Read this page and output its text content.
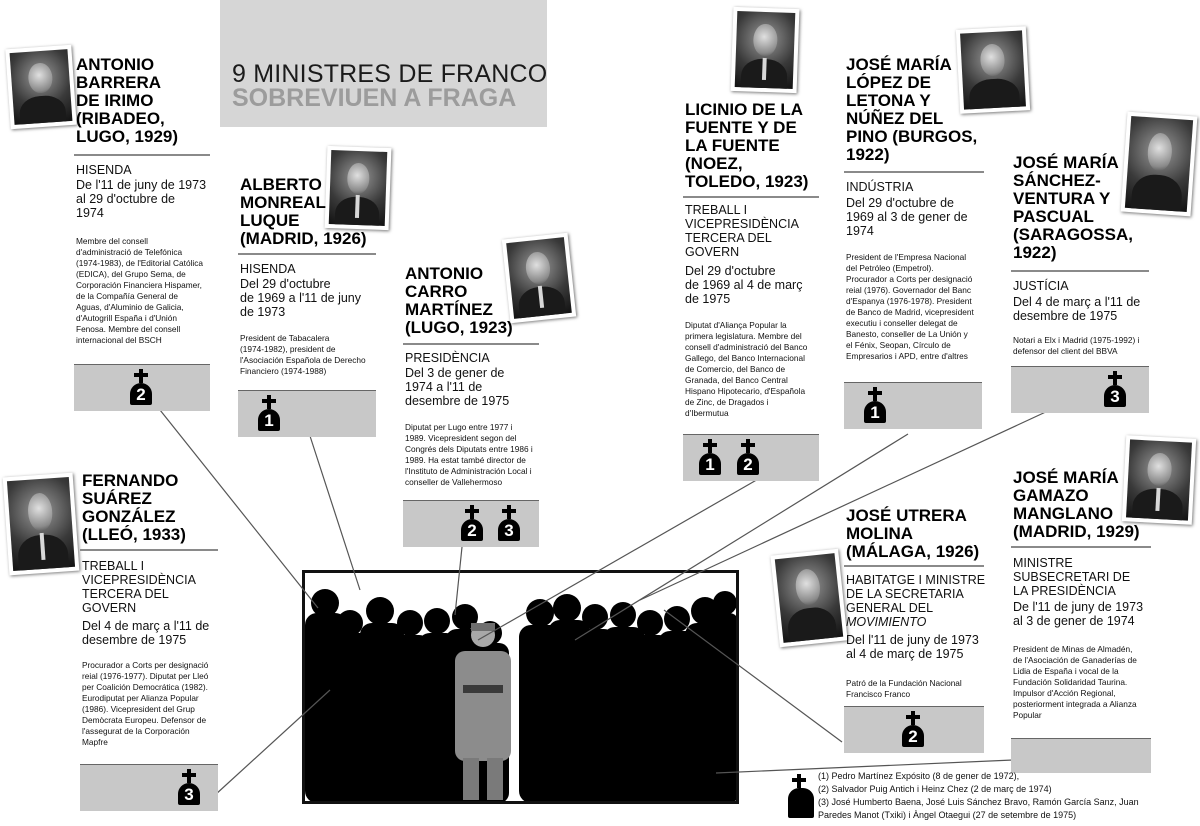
9 MINISTRES DE FRANCO
SOBREVIUEN A FRAGA
ANTONIO
BARRERA
DE IRIMO
(RIBADEO,
LUGO, 1929)
HISENDA
De l'11 de juny de 1973
al 29 d'octubre de
1974
Membre del consell
d'administració de Telefónica
(1974-1983), de l'Editorial Católica
(EDICA), del Grupo Sema, de
Corporación Financiera Hispamer,
de la Compañía General de
Aguas, d'Aluminio de Galicia,
d'Autogrill España i d'Unión
Fenosa. Membre del consell
internacional del BSCH
2
ALBERTO
MONREAL
LUQUE
(MADRID, 1926)
HISENDA
Del 29 d'octubre
de 1969 a l'11 de juny
de 1973
President de Tabacalera
(1974-1982), president de
l'Asociación Española de Derecho
Financiero (1974-1988)
1
ANTONIO
CARRO
MARTÍNEZ
(LUGO, 1923)
PRESIDÈNCIA
Del 3 de gener de
1974 a l'11 de
desembre de 1975
Diputat per Lugo entre 1977 i
1989. Vicepresident segon del
Congrés dels Diputats entre 1986 i
1989. Ha estat també director de
l'Instituto de Administración Local i
conseller de Vallehermoso
2	3
LICINIO DE LA
FUENTE Y DE
LA FUENTE
(NOEZ,
TOLEDO, 1923)
TREBALL I
VICEPRESIDÈNCIA
TERCERA DEL
GOVERN
Del 29 d'octubre
de 1969 al 4 de març
de 1975
Diputat d'Aliança Popular la
primera legislatura. Membre del
consell d'administració del Banco
Gallego, del Banco Internacional
de Comercio, del Banco de
Granada, del Banco Central
Hispano Hipotecario, d'Española
de Zinc, de Dragados i
d'Ibermutua
1	2
JOSÉ MARÍA
LÓPEZ DE
LETONA Y
NÚÑEZ DEL
PINO (BURGOS,
1922)
INDÚSTRIA
Del 29 d'octubre de
1969 al 3 de gener de
1974
President de l'Empresa Nacional
del Petróleo (Empetrol).
Procurador a Corts per designació
reial (1976). Governador del Banc
d'Espanya (1976-1978). President
de Banco de Madrid, vicepresident
executiu i conseller delegat de
Banesto, conseller de La Unión y
el Fénix, Seopan, Círculo de
Empresarios i APD, entre d'altres
1
JOSÉ MARÍA
SÁNCHEZ-
VENTURA Y
PASCUAL
(SARAGOSSA,
1922)
JUSTÍCIA
Del 4 de març a l'11 de
desembre de 1975
Notari a Elx i Madrid (1975-1992) i
defensor del client del BBVA
3
FERNANDO
SUÁREZ
GONZÁLEZ
(LLEÓ, 1933)
TREBALL I
VICEPRESIDÈNCIA
TERCERA DEL
GOVERN
Del 4 de març a l'11 de
desembre de 1975
Procurador a Corts per designació
reial (1976-1977). Diputat per Lleó
per Coalición Democrática (1982).
Eurodiputat per Alianza Popular
(1986). Vicepresident del Grup
Demòcrata Europeu. Defensor de
l'assegurat de la Corporación
Mapfre
3
JOSÉ UTRERA
MOLINA
(MÁLAGA, 1926)
HABITATGE I MINISTRE
DE LA SECRETARIA
GENERAL DEL
MOVIMIENTO
Del l'11 de juny de 1973
al 4 de març de 1975
Patró de la Fundación Nacional
Francisco Franco
2
JOSÉ MARÍA
GAMAZO
MANGLANO
(MADRID, 1929)
MINISTRE
SUBSECRETARI DE
LA PRESIDÈNCIA
De l'11 de juny de 1973
al 3 de gener de 1974
President de Minas de Almadén,
de l'Asociación de Ganaderías de
Lidia de España i vocal de la
Fundación Solidaridad Taurina.
Impulsor d'Acción Regional,
posteriorment integrada a Alianza
Popular
(1) Pedro Martínez Expósito (8 de gener de 1972),
(2) Salvador Puig Antich i Heinz Chez (2 de març de 1974)
(3) José Humberto Baena, José Luis Sánchez Bravo, Ramón García Sanz, Juan
Paredes Manot (Txiki) i Àngel Otaegui (27 de setembre de 1975)
